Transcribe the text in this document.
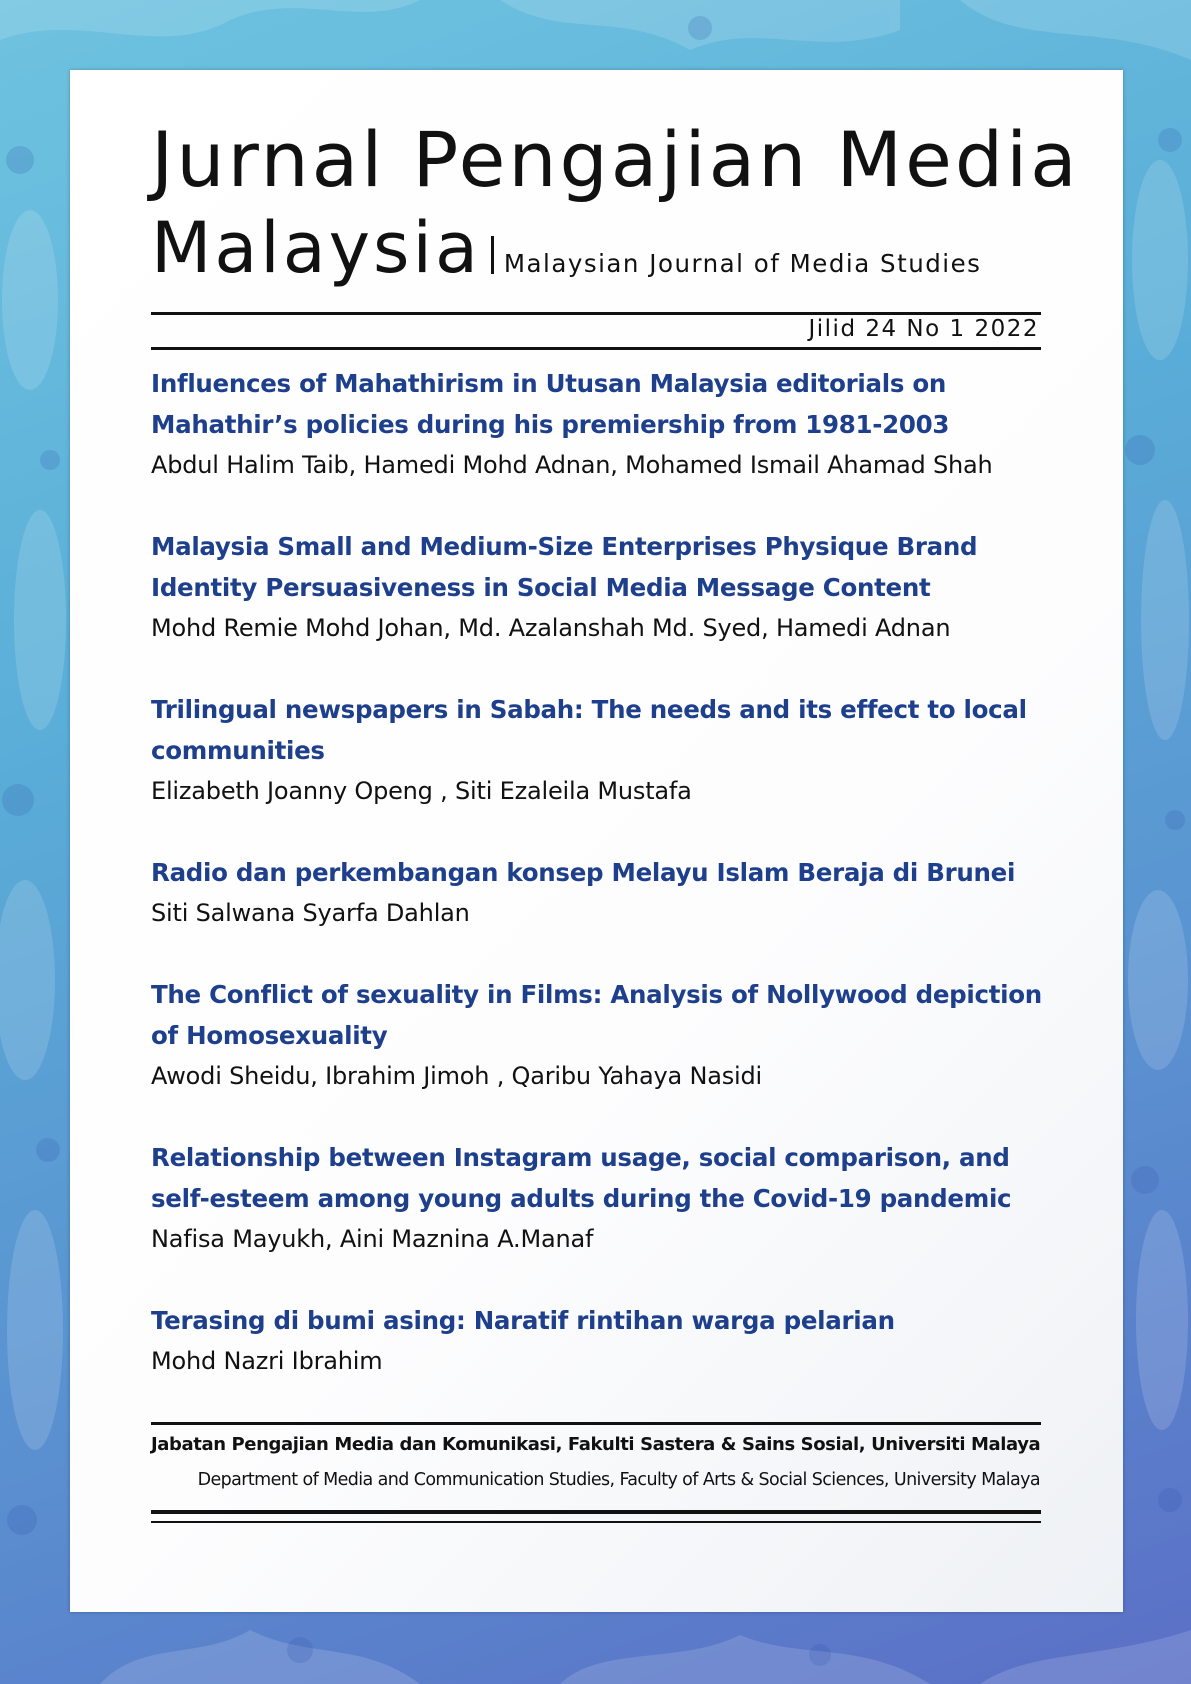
Jurnal Pengajian Media
Malaysia Malaysian Journal of Media Studies
Jilid 24 No 1 2022
Influences of Mahathirism in Utusan Malaysia editorials on Mahathir’s policies during his premiership from 1981-2003
Abdul Halim Taib, Hamedi Mohd Adnan, Mohamed Ismail Ahamad Shah
Malaysia Small and Medium-Size Enterprises Physique Brand Identity Persuasiveness in Social Media Message Content
Mohd Remie Mohd Johan, Md. Azalanshah Md. Syed, Hamedi Adnan
Trilingual newspapers in Sabah: The needs and its effect to local communities
Elizabeth Joanny Openg , Siti Ezaleila Mustafa
Radio dan perkembangan konsep Melayu Islam Beraja di Brunei
Siti Salwana Syarfa Dahlan
The Conflict of sexuality in Films: Analysis of Nollywood depiction of Homosexuality
Awodi Sheidu, Ibrahim Jimoh , Qaribu Yahaya Nasidi
Relationship between Instagram usage, social comparison, and self-esteem among young adults during the Covid-19 pandemic
Nafisa Mayukh, Aini Maznina A.Manaf
Terasing di bumi asing: Naratif rintihan warga pelarian
Mohd Nazri Ibrahim
Jabatan Pengajian Media dan Komunikasi, Fakulti Sastera & Sains Sosial, Universiti Malaya
Department of Media and Communication Studies, Faculty of Arts & Social Sciences, University Malaya
